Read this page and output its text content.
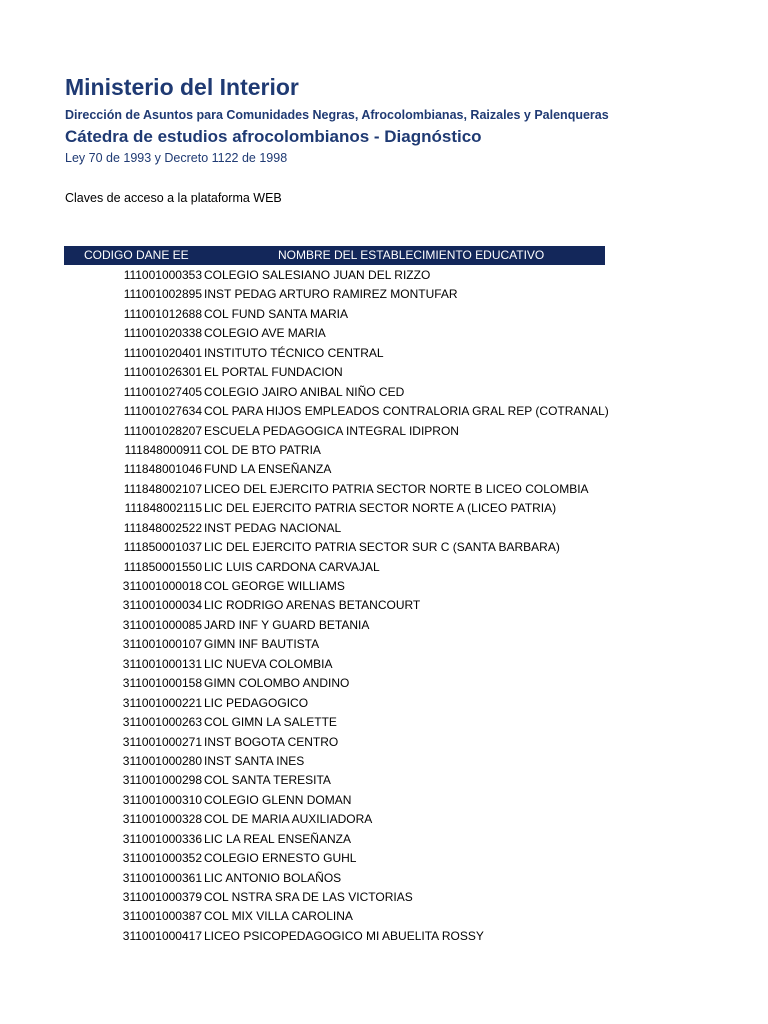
Ministerio del Interior
Dirección de Asuntos para Comunidades Negras, Afrocolombianas, Raizales y Palenqueras
Cátedra de estudios afrocolombianos - Diagnóstico
Ley 70 de 1993 y Decreto 1122 de 1998
Claves de acceso a la plataforma WEB
CODIGO DANE EE	NOMBRE DEL ESTABLECIMIENTO EDUCATIVO
111001000353 COLEGIO SALESIANO JUAN DEL RIZZO
111001002895 INST PEDAG ARTURO RAMIREZ MONTUFAR
111001012688 COL FUND SANTA MARIA
111001020338 COLEGIO AVE MARIA
111001020401 INSTITUTO TÉCNICO CENTRAL
111001026301 EL PORTAL FUNDACION
111001027405 COLEGIO JAIRO ANIBAL NIÑO CED
111001027634 COL PARA HIJOS EMPLEADOS CONTRALORIA GRAL REP (COTRANAL)
111001028207 ESCUELA PEDAGOGICA INTEGRAL IDIPRON
111848000911 COL DE BTO PATRIA
111848001046 FUND LA ENSEÑANZA
111848002107 LICEO DEL EJERCITO PATRIA SECTOR NORTE B LICEO COLOMBIA
111848002115 LIC DEL EJERCITO PATRIA SECTOR NORTE A (LICEO PATRIA)
111848002522 INST PEDAG NACIONAL
111850001037 LIC DEL EJERCITO PATRIA SECTOR SUR C (SANTA BARBARA)
111850001550 LIC LUIS CARDONA CARVAJAL
311001000018 COL GEORGE WILLIAMS
311001000034 LIC RODRIGO ARENAS BETANCOURT
311001000085 JARD INF Y GUARD BETANIA
311001000107 GIMN INF BAUTISTA
311001000131 LIC NUEVA COLOMBIA
311001000158 GIMN COLOMBO ANDINO
311001000221 LIC PEDAGOGICO
311001000263 COL GIMN LA SALETTE
311001000271 INST BOGOTA CENTRO
311001000280 INST SANTA INES
311001000298 COL SANTA TERESITA
311001000310 COLEGIO GLENN DOMAN
311001000328 COL DE MARIA AUXILIADORA
311001000336 LIC LA REAL ENSEÑANZA
311001000352 COLEGIO ERNESTO GUHL
311001000361 LIC ANTONIO BOLAÑOS
311001000379 COL NSTRA SRA DE LAS VICTORIAS
311001000387 COL MIX VILLA CAROLINA
311001000417 LICEO PSICOPEDAGOGICO MI ABUELITA ROSSY
